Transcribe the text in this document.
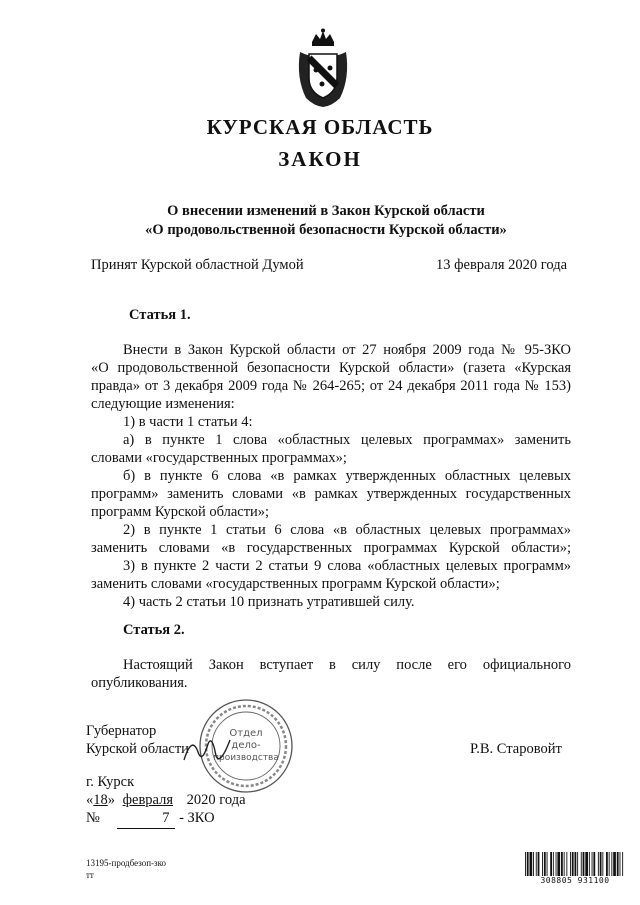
КУРСКАЯ ОБЛАСТЬ
ЗАКОН
О внесении изменений в Закон Курской области
«О продовольственной безопасности Курской области»
Принят Курской областной Думой	13 февраля 2020 года
Статья 1.
Внести в Закон Курской области от 27 ноября 2009 года № 95-ЗКО
«О продовольственной безопасности Курской области» (газета «Курская
правда» от 3 декабря 2009 года № 264-265; от 24 декабря 2011 года № 153)
следующие изменения:
1) в части 1 статьи 4:
а) в пункте 1 слова «областных целевых программах» заменить
словами «государственных программах»;
б) в пункте 6 слова «в рамках утвержденных областных целевых
программ» заменить словами «в рамках утвержденных государственных
программ Курской области»;
2) в пункте 1 статьи 6 слова «в областных целевых программах»
заменить словами «в государственных программах Курской области»;
3) в пункте 2 части 2 статьи 9 слова «областных целевых программ»
заменить словами «государственных программ Курской области»;
4) часть 2 статьи 10 признать утратившей силу.
Статья 2.
Настоящий Закон вступает в силу после его официального
опубликования.
Губернатор
Курской области	Р.В. Старовойт
Отдел
дело-
производства
г. Курск
«18» февраля 2020 года
№	7 - ЗКО
13195-продбезоп-зко
тт
308805 931100
